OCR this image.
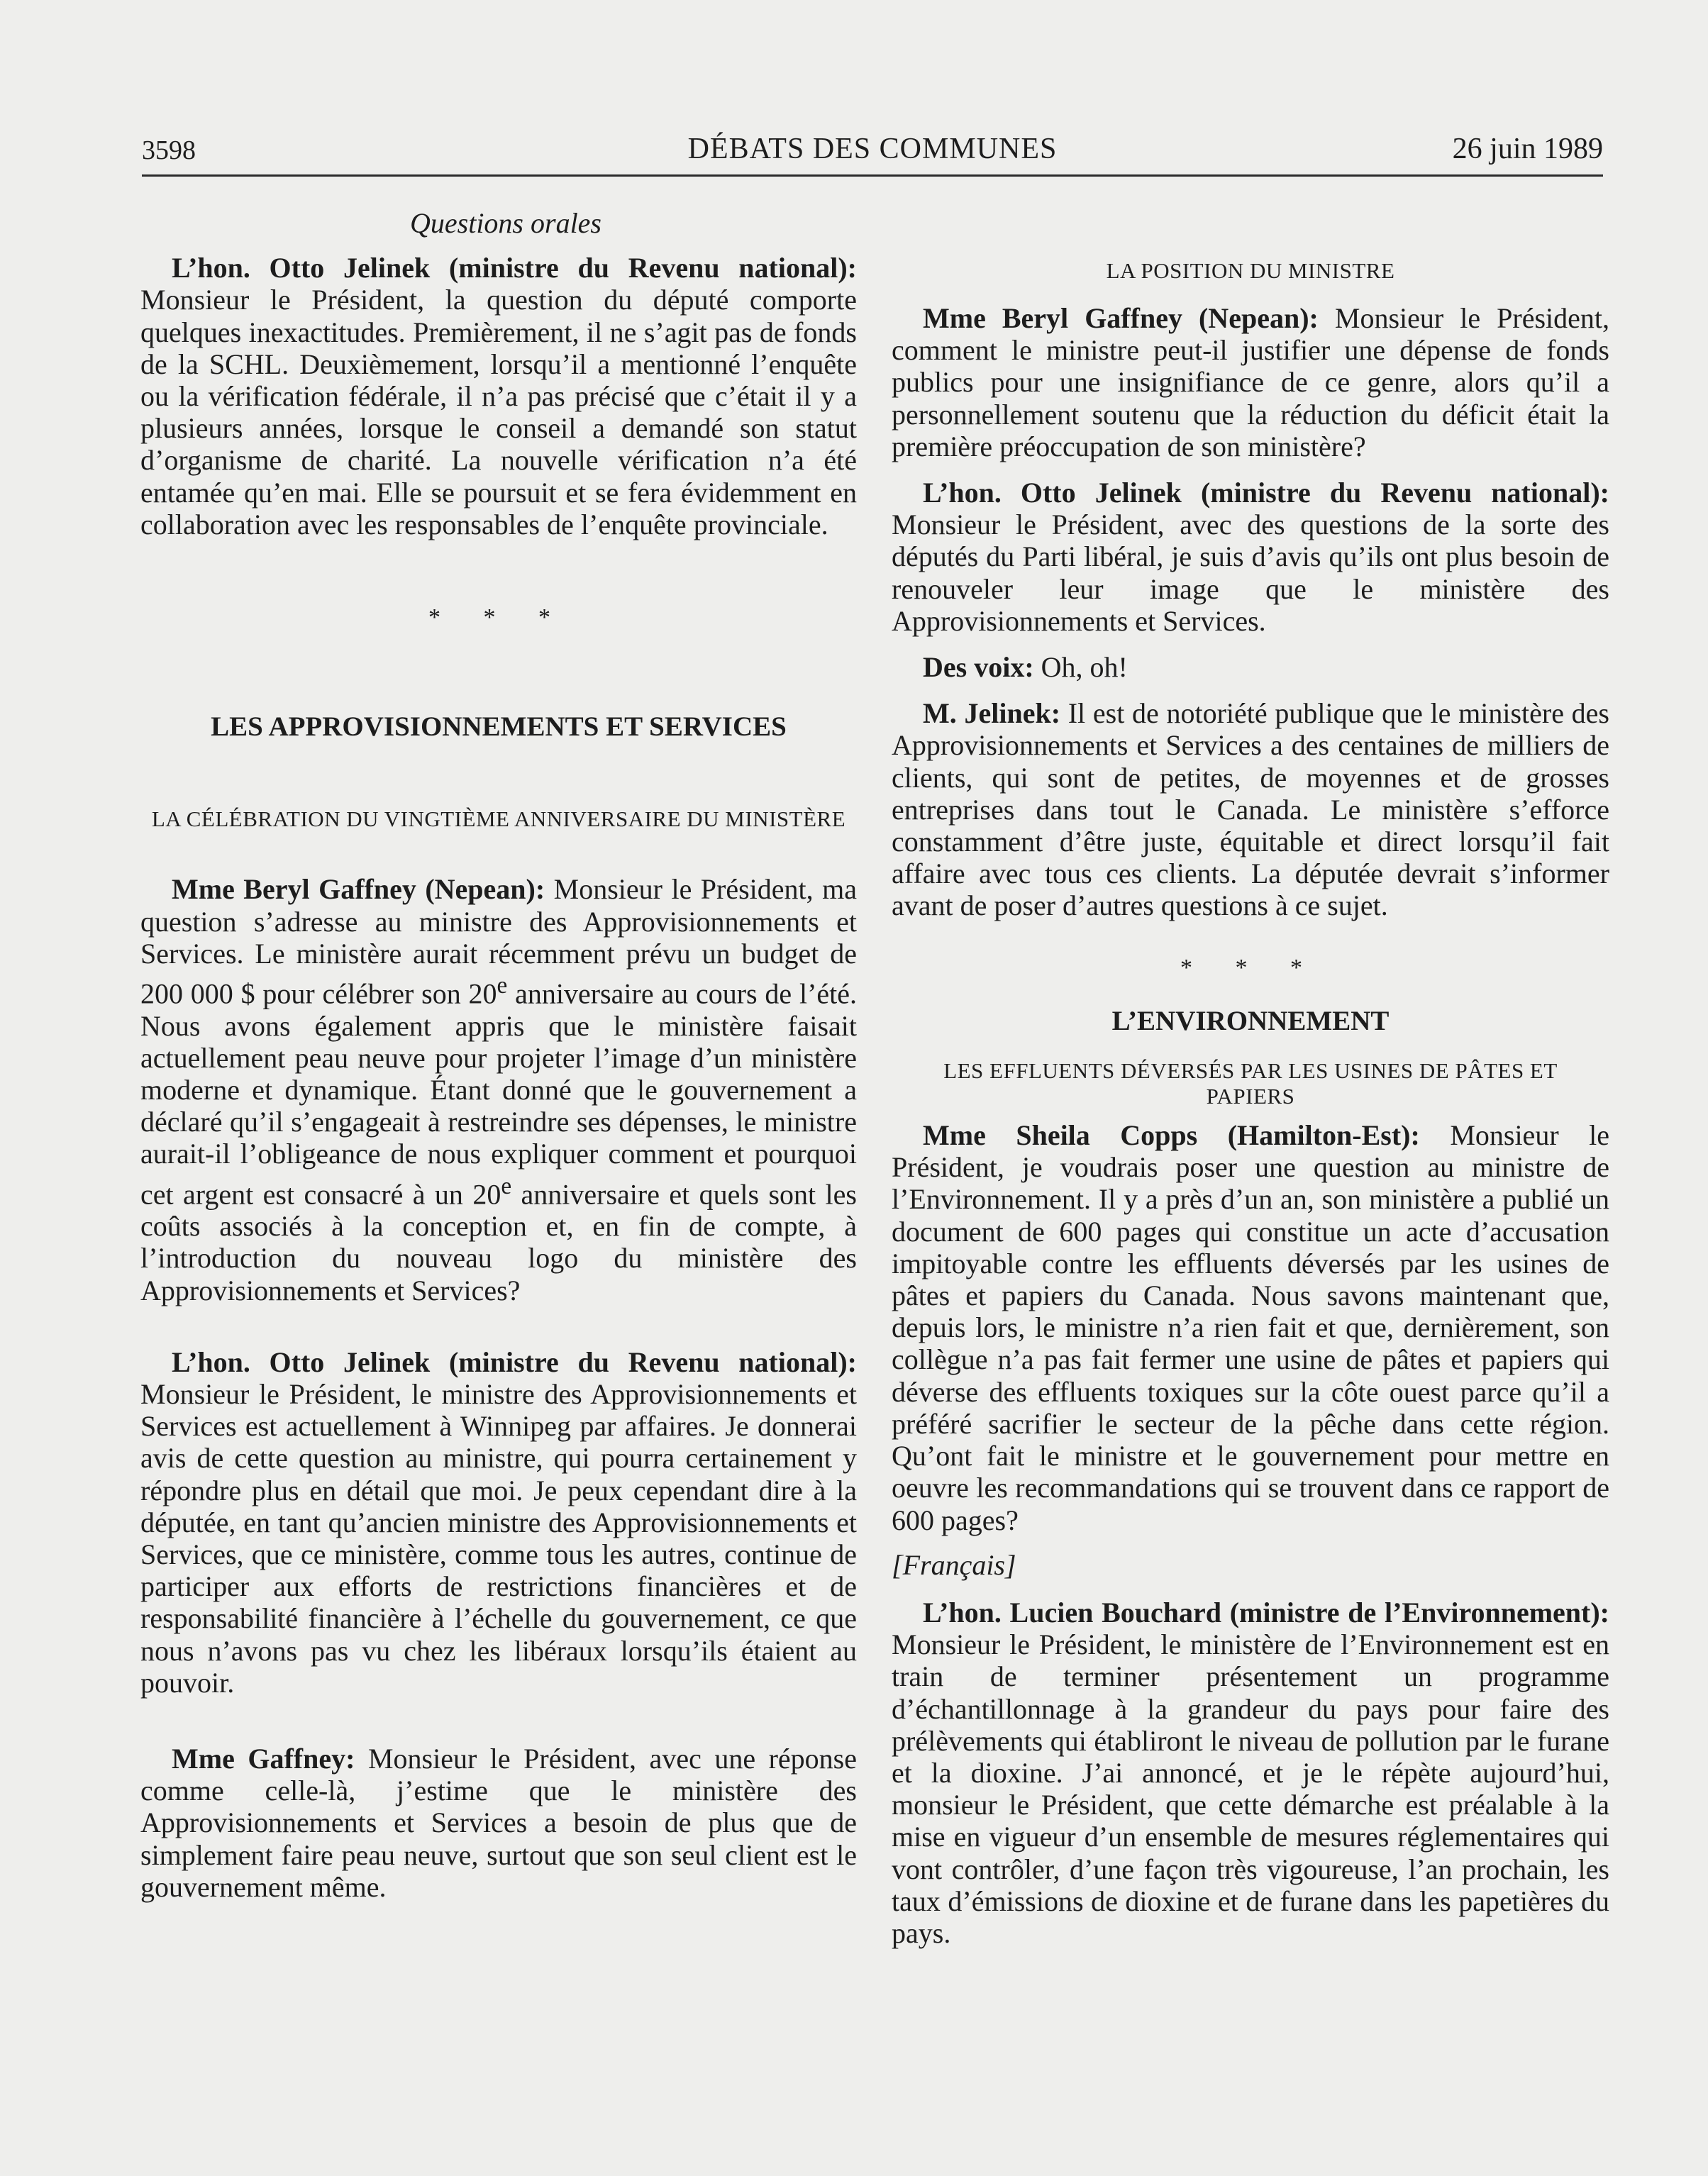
3598	DÉBATS DES COMMUNES	26 juin 1989
Questions orales

L’hon. Otto Jelinek (ministre du Revenu national): Monsieur le Président, la question du député comporte quelques inexactitudes. Premièrement, il ne s’agit pas de fonds de la SCHL. Deuxièmement, lorsqu’il a mentionné l’enquête ou la vérification fédérale, il n’a pas précisé que c’était il y a plusieurs années, lorsque le conseil a demandé son statut d’organisme de charité. La nouvelle vérification n’a été entamée qu’en mai. Elle se poursuit et se fera évidemment en collaboration avec les responsables de l’enquête provinciale.

* * *
LES APPROVISIONNEMENTS ET SERVICES
LA CÉLÉBRATION DU VINGTIÈME ANNIVERSAIRE DU MINISTÈRE

Mme Beryl Gaffney (Nepean): Monsieur le Président, ma question s’adresse au ministre des Approvisionnements et Services. Le ministère aurait récemment prévu un budget de 200 000 $ pour célébrer son 20e anniversaire au cours de l’été. Nous avons également appris que le ministère faisait actuellement peau neuve pour projeter l’image d’un ministère moderne et dynamique. Étant donné que le gouvernement a déclaré qu’il s’engageait à restreindre ses dépenses, le ministre aurait-il l’obligeance de nous expliquer comment et pourquoi cet argent est consacré à un 20e anniversaire et quels sont les coûts associés à la conception et, en fin de compte, à l’introduction du nouveau logo du ministère des Approvisionnements et Services?

L’hon. Otto Jelinek (ministre du Revenu national): Monsieur le Président, le ministre des Approvisionnements et Services est actuellement à Winnipeg par affaires. Je donnerai avis de cette question au ministre, qui pourra certainement y répondre plus en détail que moi. Je peux cependant dire à la députée, en tant qu’ancien ministre des Approvisionnements et Services, que ce ministère, comme tous les autres, continue de participer aux efforts de restrictions financières et de responsabilité financière à l’échelle du gouvernement, ce que nous n’avons pas vu chez les libéraux lorsqu’ils étaient au pouvoir.

Mme Gaffney: Monsieur le Président, avec une réponse comme celle-là, j’estime que le ministère des Approvisionnements et Services a besoin de plus que de simplement faire peau neuve, surtout que son seul client est le gouvernement même.

LA POSITION DU MINISTRE

Mme Beryl Gaffney (Nepean): Monsieur le Président, comment le ministre peut-il justifier une dépense de fonds publics pour une insignifiance de ce genre, alors qu’il a personnellement soutenu que la réduction du déficit était la première préoccupation de son ministère?

L’hon. Otto Jelinek (ministre du Revenu national): Monsieur le Président, avec des questions de la sorte des députés du Parti libéral, je suis d’avis qu’ils ont plus besoin de renouveler leur image que le ministère des Approvisionnements et Services.

Des voix: Oh, oh!

M. Jelinek: Il est de notoriété publique que le ministère des Approvisionnements et Services a des centaines de milliers de clients, qui sont de petites, de moyennes et de grosses entreprises dans tout le Canada. Le ministère s’efforce constamment d’être juste, équitable et direct lorsqu’il fait affaire avec tous ces clients. La députée devrait s’informer avant de poser d’autres questions à ce sujet.

* * *
L’ENVIRONNEMENT
LES EFFLUENTS DÉVERSÉS PAR LES USINES DE PÂTES ET PAPIERS

Mme Sheila Copps (Hamilton-Est): Monsieur le Président, je voudrais poser une question au ministre de l’Environnement. Il y a près d’un an, son ministère a publié un document de 600 pages qui constitue un acte d’accusation impitoyable contre les effluents déversés par les usines de pâtes et papiers du Canada. Nous savons maintenant que, depuis lors, le ministre n’a rien fait et que, dernièrement, son collègue n’a pas fait fermer une usine de pâtes et papiers qui déverse des effluents toxiques sur la côte ouest parce qu’il a préféré sacrifier le secteur de la pêche dans cette région. Qu’ont fait le ministre et le gouvernement pour mettre en oeuvre les recommandations qui se trouvent dans ce rapport de 600 pages?

[Français]

L’hon. Lucien Bouchard (ministre de l’Environnement): Monsieur le Président, le ministère de l’Environnement est en train de terminer présentement un programme d’échantillonnage à la grandeur du pays pour faire des prélèvements qui établiront le niveau de pollution par le furane et la dioxine. J’ai annoncé, et je le répète aujourd’hui, monsieur le Président, que cette démarche est préalable à la mise en vigueur d’un ensemble de mesures réglementaires qui vont contrôler, d’une façon très vigoureuse, l’an prochain, les taux d’émissions de dioxine et de furane dans les papetières du pays.
